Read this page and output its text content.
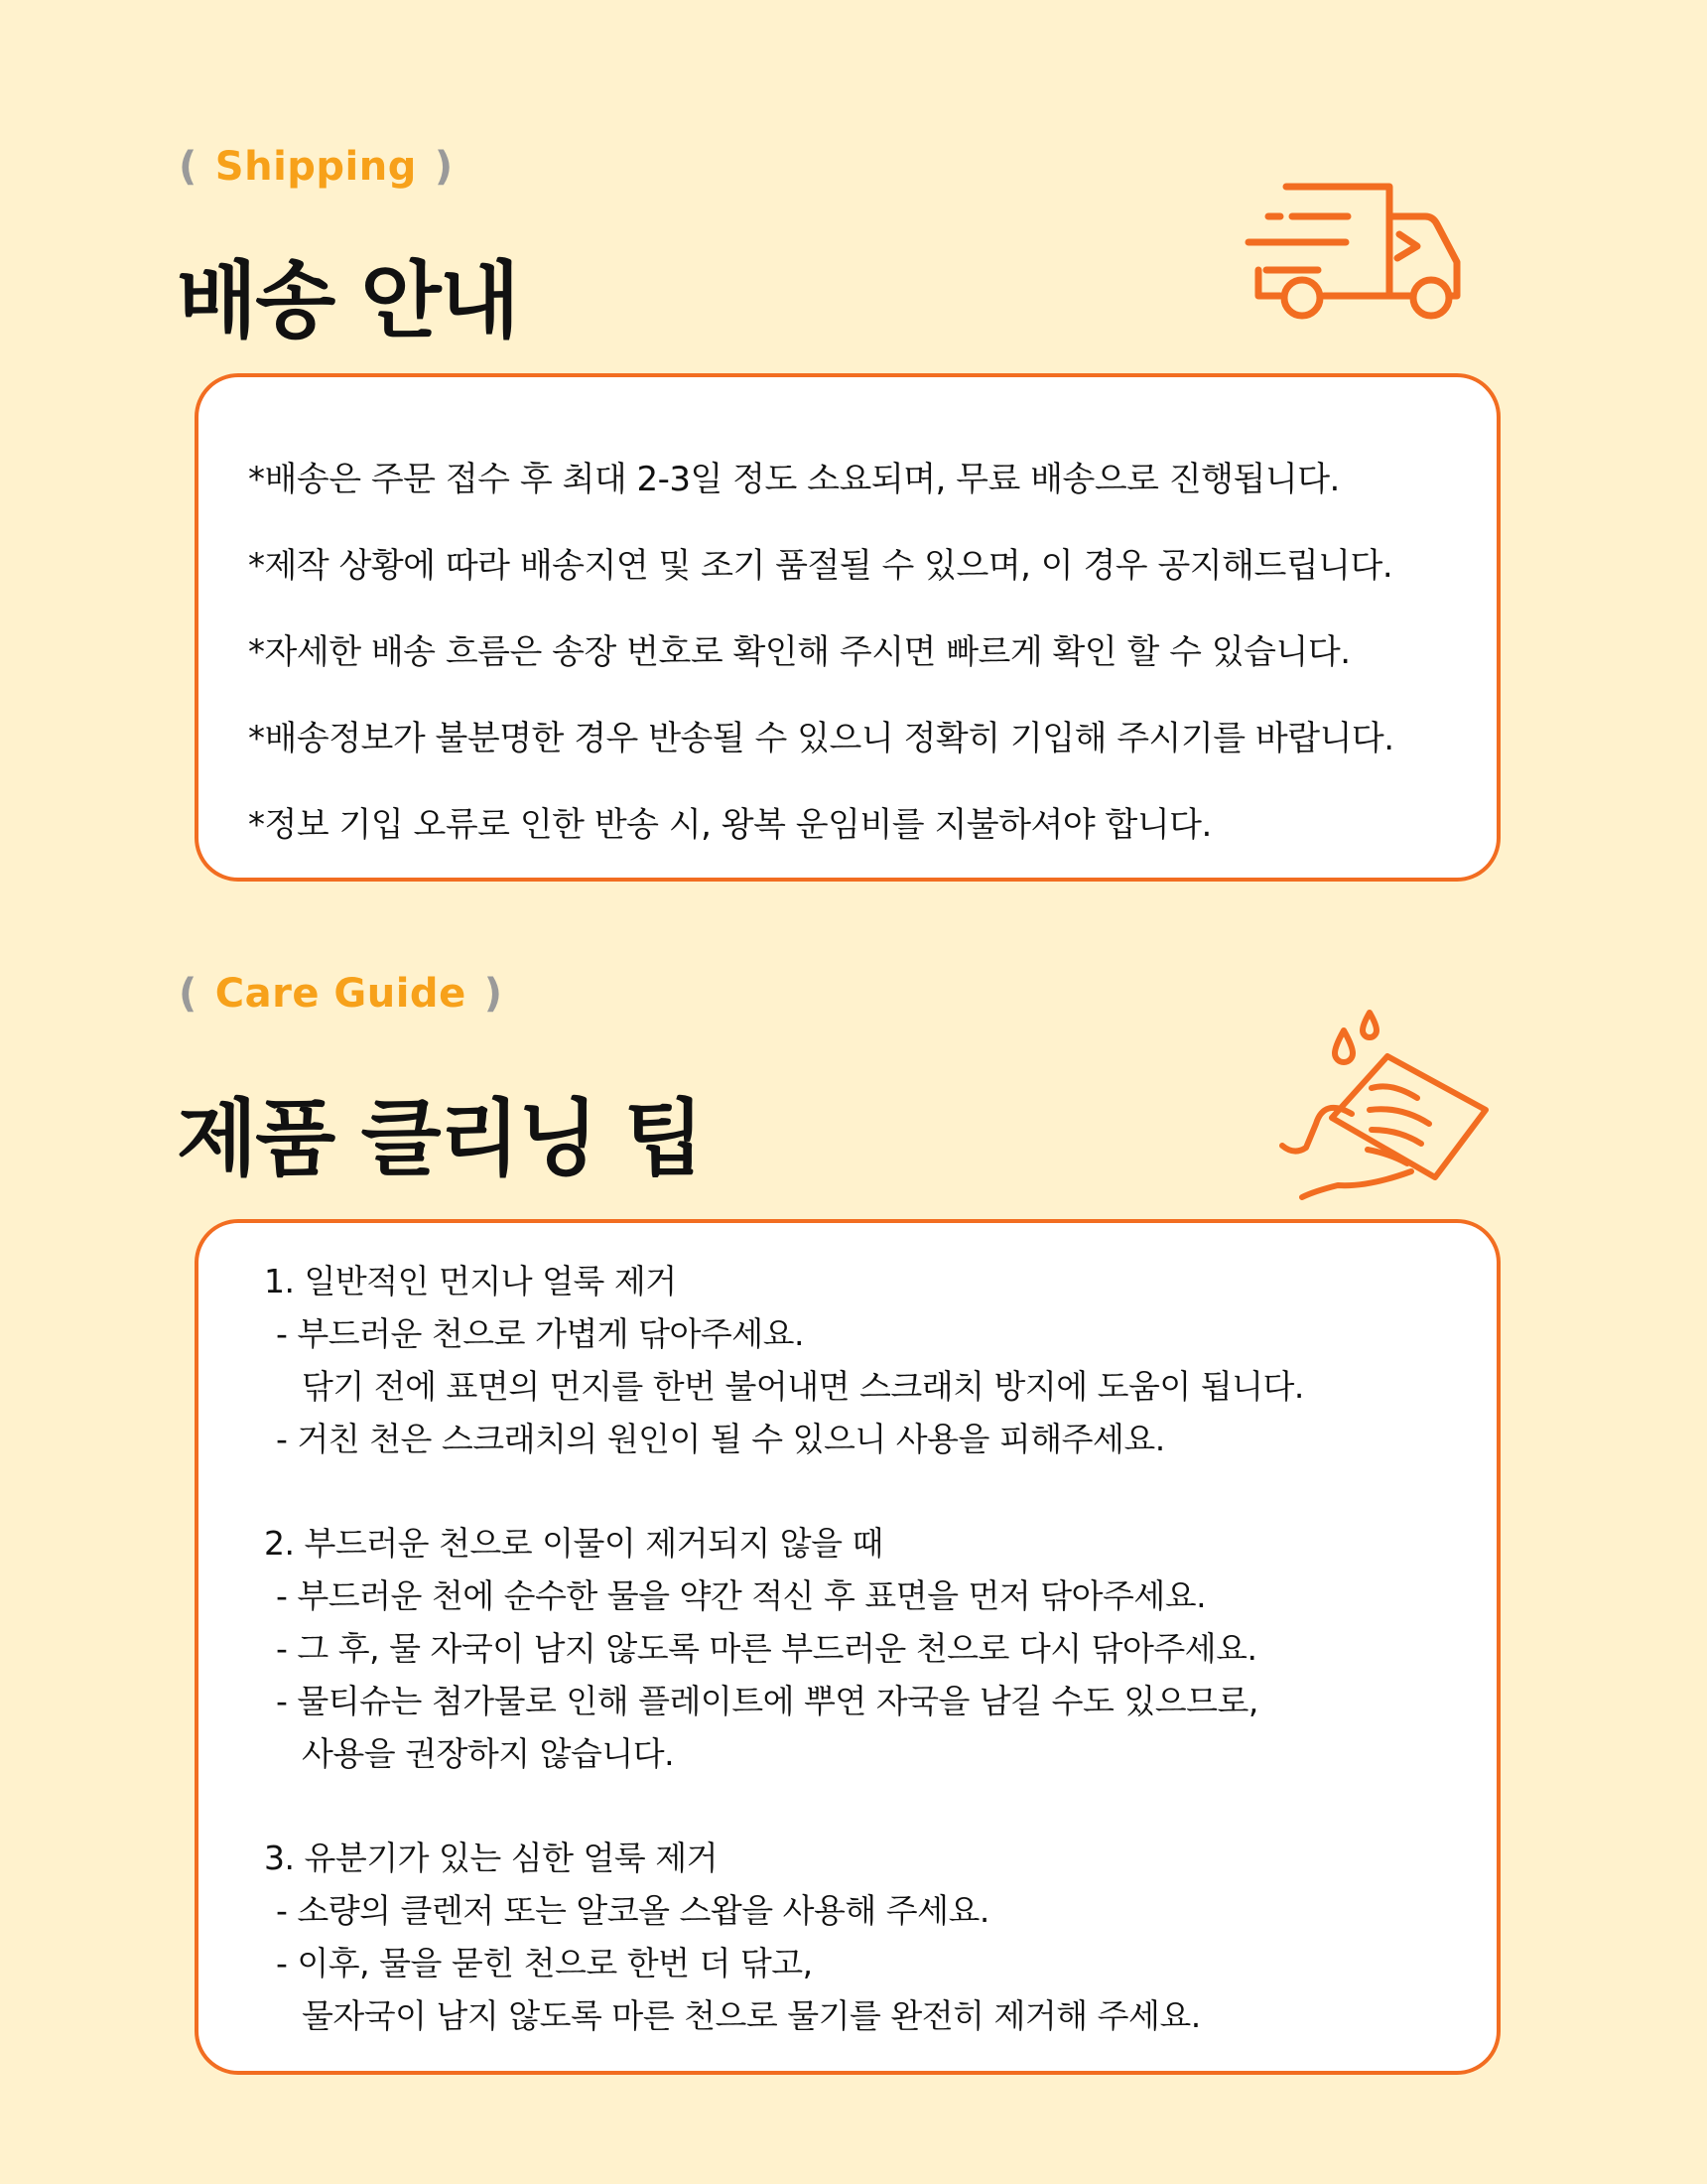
( Shipping )
배송 안내
*배송은 주문 접수 후 최대 2-3일 정도 소요되며, 무료 배송으로 진행됩니다.
*제작 상황에 따라 배송지연 및 조기 품절될 수 있으며, 이 경우 공지해드립니다.
*자세한 배송 흐름은 송장 번호로 확인해 주시면 빠르게 확인 할 수 있습니다.
*배송정보가 불분명한 경우 반송될 수 있으니 정확히 기입해 주시기를 바랍니다.
*정보 기입 오류로 인한 반송 시, 왕복 운임비를 지불하셔야 합니다.
( Care Guide )
제품 클리닝 팁
1. 일반적인 먼지나 얼룩 제거
- 부드러운 천으로 가볍게 닦아주세요.
닦기 전에 표면의 먼지를 한번 불어내면 스크래치 방지에 도움이 됩니다.
- 거친 천은 스크래치의 원인이 될 수 있으니 사용을 피해주세요.
2. 부드러운 천으로 이물이 제거되지 않을 때
- 부드러운 천에 순수한 물을 약간 적신 후 표면을 먼저 닦아주세요.
- 그 후, 물 자국이 남지 않도록 마른 부드러운 천으로 다시 닦아주세요.
- 물티슈는 첨가물로 인해 플레이트에 뿌연 자국을 남길 수도 있으므로,
사용을 권장하지 않습니다.
3. 유분기가 있는 심한 얼룩 제거
- 소량의 클렌저 또는 알코올 스왑을 사용해 주세요.
- 이후, 물을 묻힌 천으로 한번 더 닦고,
물자국이 남지 않도록 마른 천으로 물기를 완전히 제거해 주세요.
